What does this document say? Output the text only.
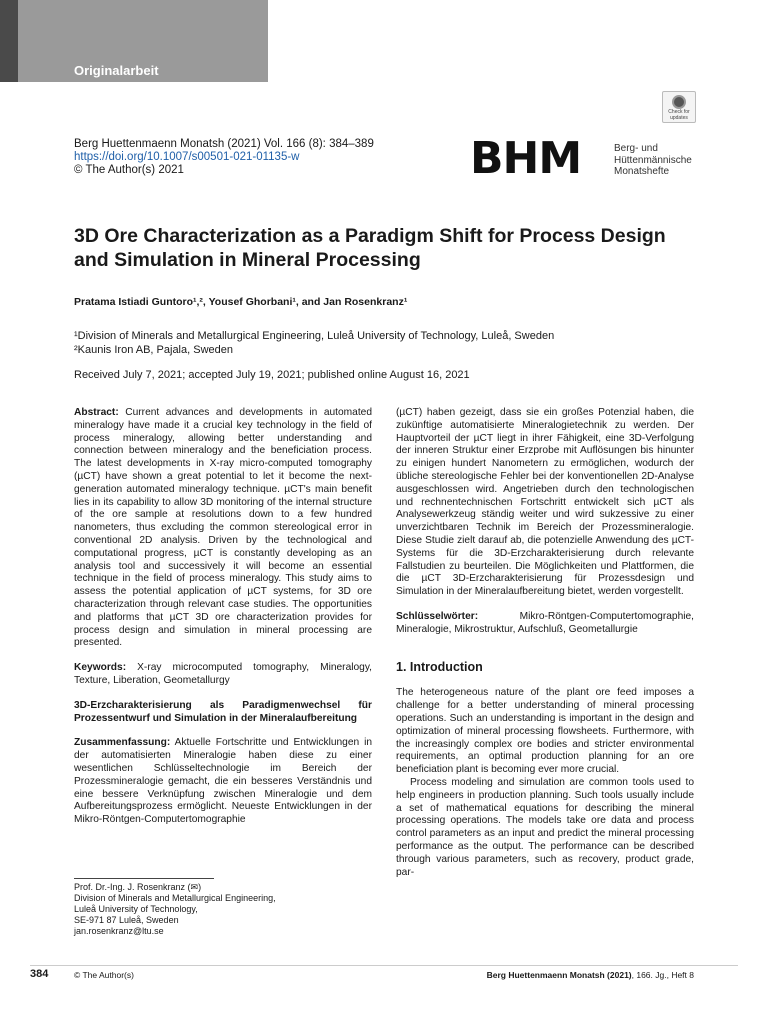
Originalarbeit
Check for updates
Berg Huettenmaenn Monatsh (2021) Vol. 166 (8): 384–389
https://doi.org/10.1007/s00501-021-01135-w
© The Author(s) 2021	BHM	Berg- und
Hüttenmännische
Monatshefte
3D Ore Characterization as a Paradigm Shift for Process Design and Simulation in Mineral Processing
Pratama Istiadi Guntoro¹,², Yousef Ghorbani¹, and Jan Rosenkranz¹
¹Division of Minerals and Metallurgical Engineering, Luleå University of Technology, Luleå, Sweden
²Kaunis Iron AB, Pajala, Sweden
Received July 7, 2021; accepted July 19, 2021; published online August 16, 2021

Abstract: Current advances and developments in automated mineralogy have made it a crucial key technology in the field of process mineralogy, allowing better understanding and connection between mineralogy and the beneficiation process. The latest developments in X-ray micro-computed tomography (µCT) have shown a great potential to let it become the next-generation automated mineralogy technique. µCT's main benefit lies in its capability to allow 3D monitoring of the internal structure of the ore sample at resolutions down to a few hundred nanometers, thus excluding the common stereological error in conventional 2D analysis. Driven by the technological and computational progress, µCT is constantly developing as an analysis tool and successively it will become an essential technique in the field of process mineralogy. This study aims to assess the potential application of µCT systems, for 3D ore characterization through relevant case studies. The opportunities and platforms that µCT 3D ore characterization provides for process design and simulation in mineral processing are presented.

Keywords: X-ray microcomputed tomography, Mineralogy, Texture, Liberation, Geometallurgy

3D-Erzcharakterisierung als Paradigmenwechsel für Prozessentwurf und Simulation in der Mineralaufbereitung

Zusammenfassung: Aktuelle Fortschritte und Entwicklungen in der automatisierten Mineralogie haben diese zu einer wesentlichen Schlüsseltechnologie im Bereich der Prozessmineralogie gemacht, die ein besseres Verständnis und eine bessere Verknüpfung zwischen Mineralogie und dem Aufbereitungsprozess ermöglicht. Neueste Entwicklungen in der Mikro-Röntgen-Computertomographie

(µCT) haben gezeigt, dass sie ein großes Potenzial haben, die zukünftige automatisierte Mineralogietechnik zu werden. Der Hauptvorteil der µCT liegt in ihrer Fähigkeit, eine 3D-Verfolgung der inneren Struktur einer Erzprobe mit Auflösungen bis hinunter zu einigen hundert Nanometern zu ermöglichen, wodurch der übliche stereologische Fehler bei der konventionellen 2D-Analyse ausgeschlossen wird. Angetrieben durch den technologischen und rechnentechnischen Fortschritt entwickelt sich µCT als Analysewerkzeug ständig weiter und wird sukzessive zu einer unverzichtbaren Technik im Bereich der Prozessmineralogie. Diese Studie zielt darauf ab, die potenzielle Anwendung des µCT-Systems für die 3D-Erzcharakterisierung durch relevante Fallstudien zu beurteilen. Die Möglichkeiten und Plattformen, die die µCT 3D-Erzcharakterisierung für Prozessdesign und Simulation in der Mineralaufbereitung bietet, werden vorgestellt.

Schlüsselwörter: Mikro-Röntgen-Computertomographie, Mineralogie, Mikrostruktur, Aufschluß, Geometallurgie

1. Introduction

The heterogeneous nature of the plant ore feed imposes a challenge for a better understanding of mineral processing operations. Such an understanding is important in the design and optimization of mineral processing flowsheets. Furthermore, with the increasingly complex ore bodies and stricter environmental requirements, an optimal production planning for an ore beneficiation plant is becoming ever more crucial.

Process modeling and simulation are common tools used to help engineers in production planning. Such tools usually include a set of mathematical equations for describing the mineral processing operations. The models take ore data and process control parameters as an input and predict the mineral processing performance as the output. The performance can be described through various parameters, such as recovery, product grade, par-

Prof. Dr.-Ing. J. Rosenkranz (✉)
Division of Minerals and Metallurgical Engineering,
Luleå University of Technology,
SE-971 87 Luleå, Sweden
jan.rosenkranz@ltu.se
384	© The Author(s)	Berg Huettenmaenn Monatsh (2021), 166. Jg., Heft 8
